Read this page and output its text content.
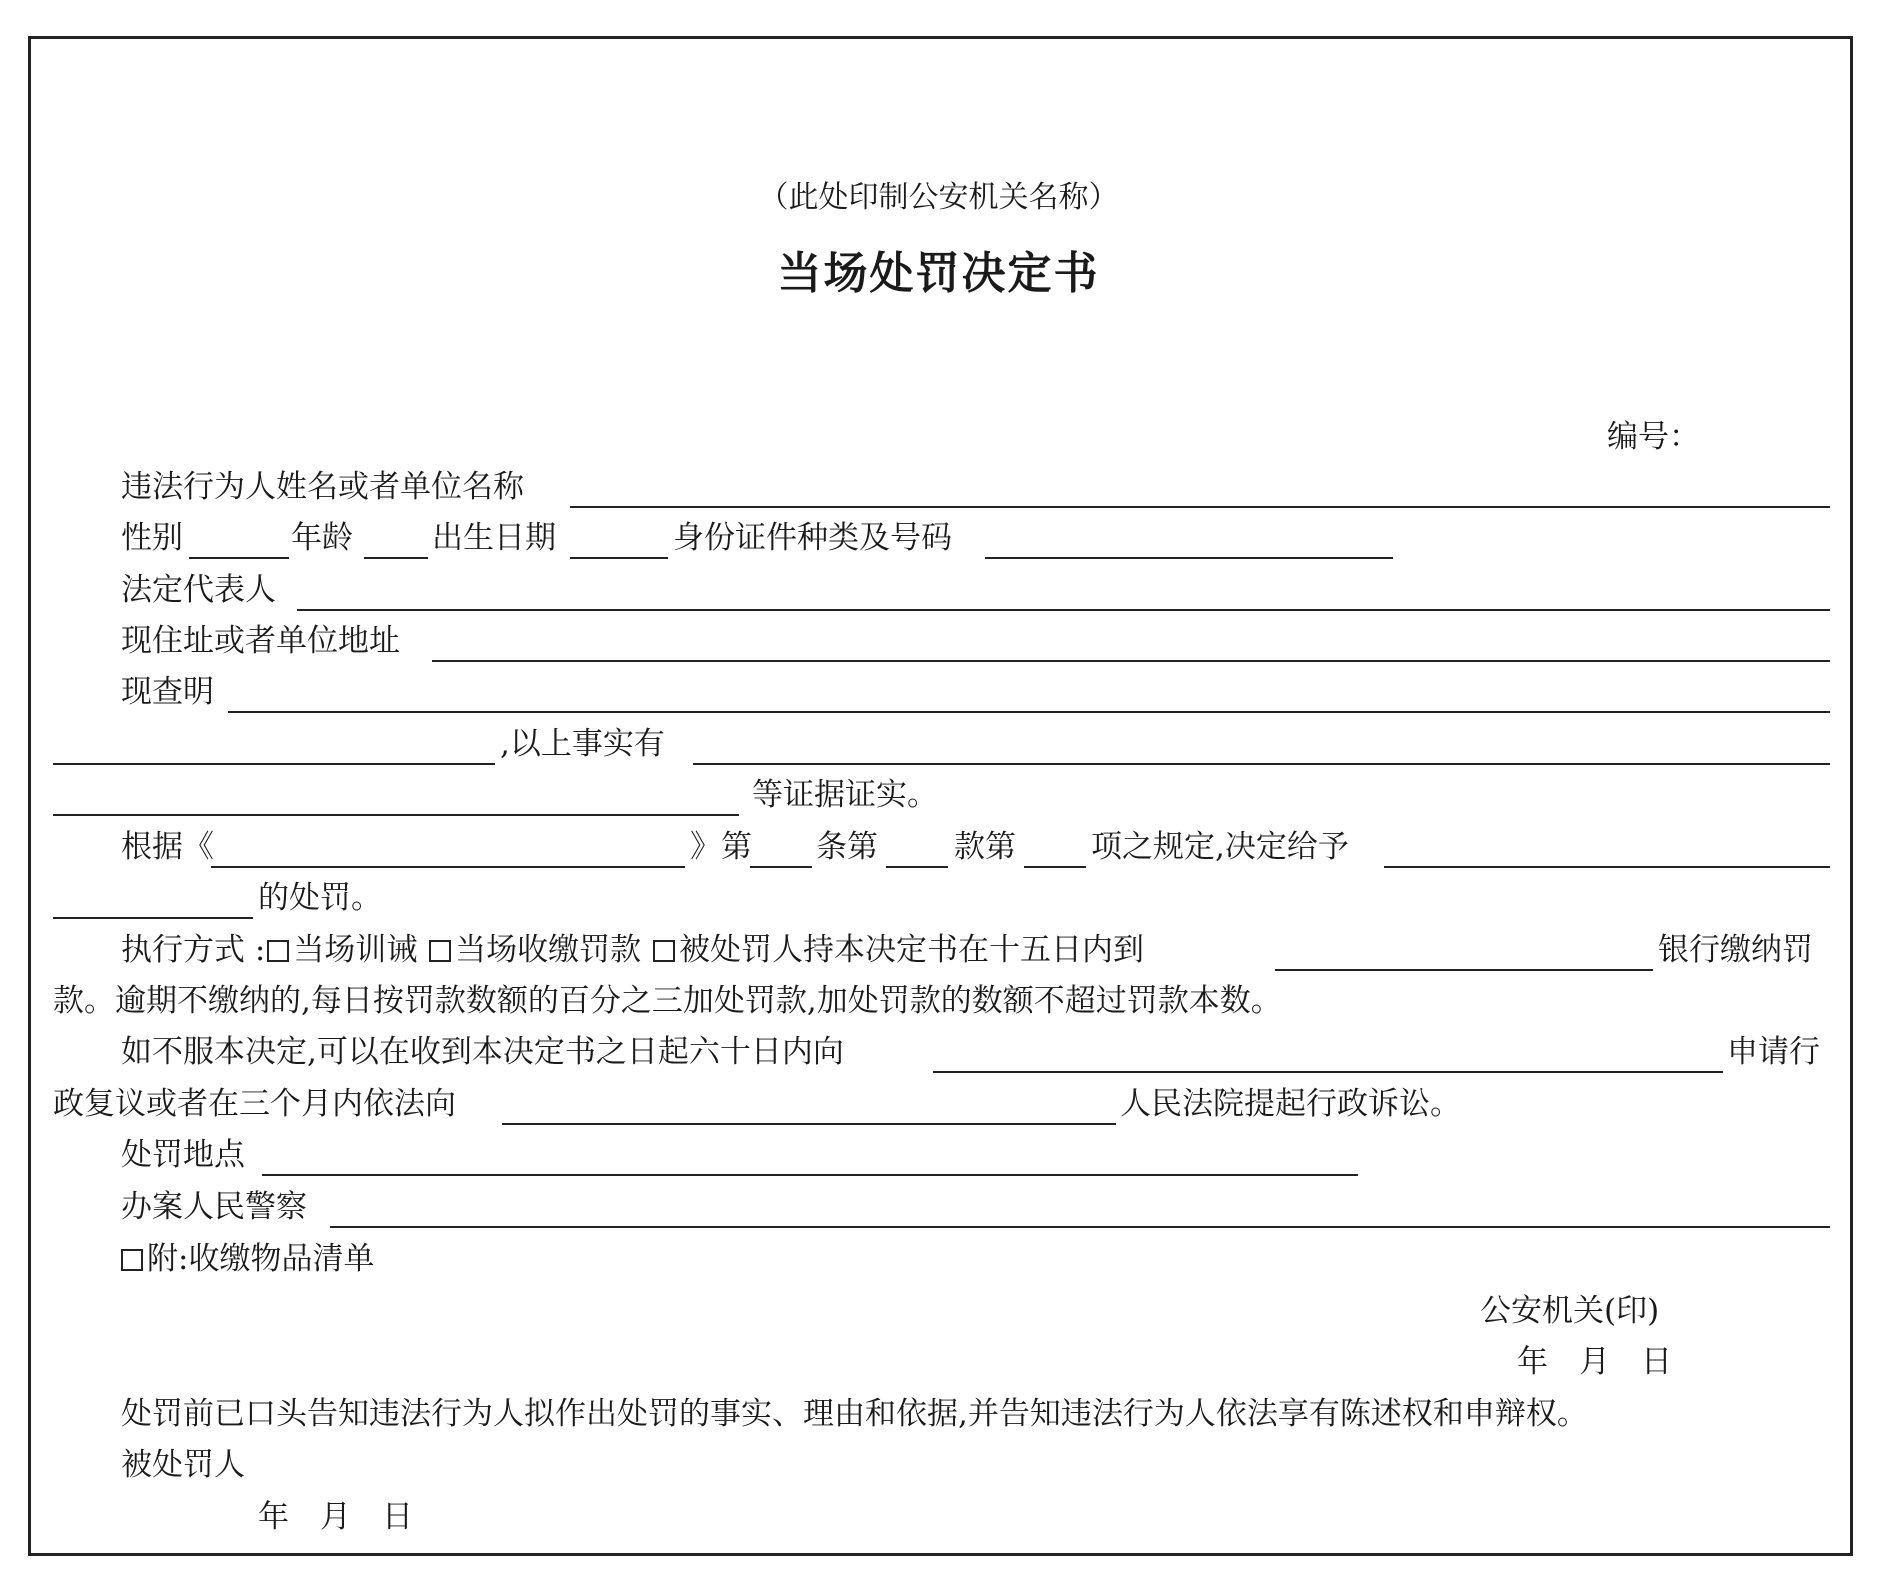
（此处印制公安机关名称）
当场处罚决定书
编号：
违法行为人姓名或者单位名称
性别	年龄	出生日期	身份证件种类及号码
法定代表人
现住址或者单位地址
现查明
,以上事实有
等证据证实。
根据《	》第 条第 款第 项之规定,决定给予
的处罚。
执行方式 : 当场训诫 当场收缴罚款 被处罚人持本决定书在十五日内到	银行缴纳罚
款。逾期不缴纳的,每日按罚款数额的百分之三加处罚款,加处罚款的数额不超过罚款本数。
如不服本决定,可以在收到本决定书之日起六十日内向	申请行
政复议或者在三个月内依法向	人民法院提起行政诉讼。
处罚地点
办案人民警察
附:收缴物品清单
公安机关(印)
年　月　日
处罚前已口头告知违法行为人拟作出处罚的事实、理由和依据,并告知违法行为人依法享有陈述权和申辩权。
被处罚人
年　月　日
